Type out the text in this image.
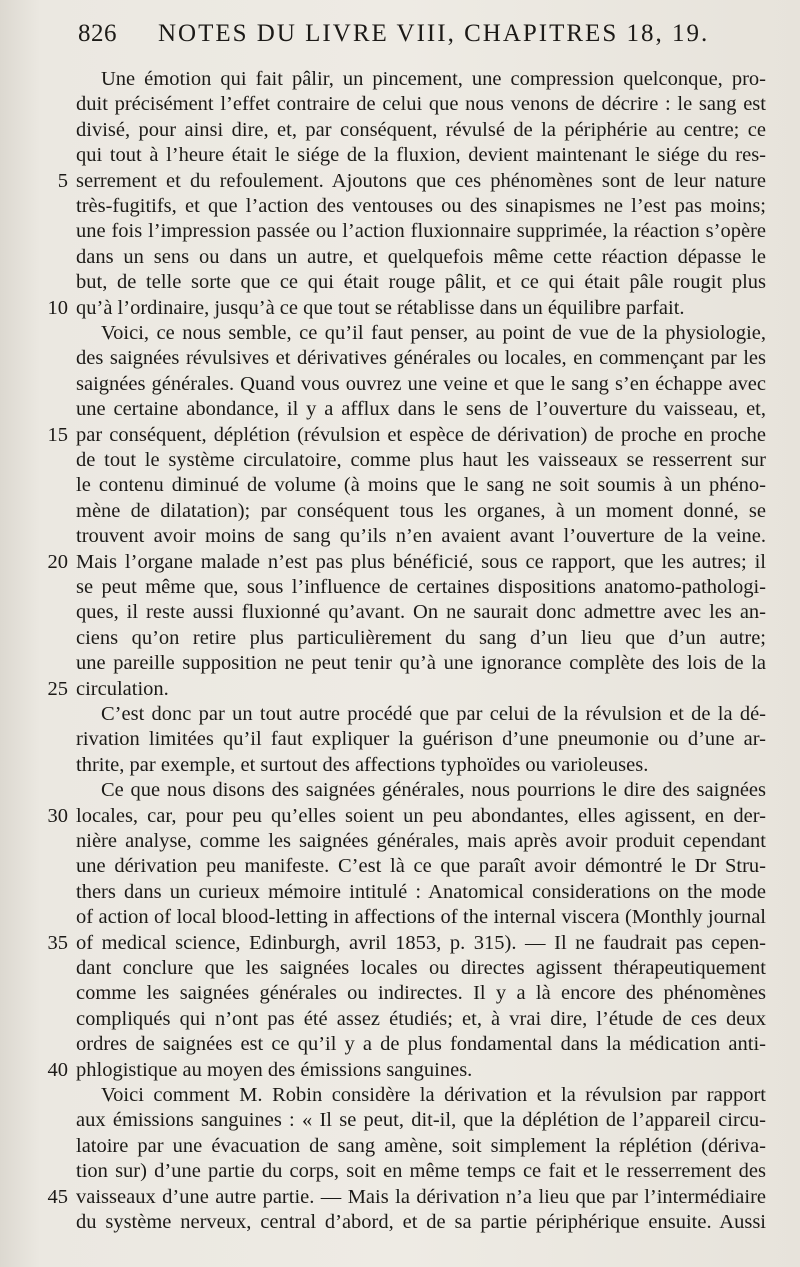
826 NOTES DU LIVRE VIII, CHAPITRES 18, 19.
Une émotion qui fait pâlir, un pincement, une compression quelconque, pro-
duit précisément l’effet contraire de celui que nous venons de décrire : le sang est
divisé, pour ainsi dire, et, par conséquent, révulsé de la périphérie au centre; ce
qui tout à l’heure était le siége de la fluxion, devient maintenant le siége du res-
serrement et du refoulement. Ajoutons que ces phénomènes sont de leur nature
5
très-fugitifs, et que l’action des ventouses ou des sinapismes ne l’est pas moins;
une fois l’impression passée ou l’action fluxionnaire supprimée, la réaction s’opère
dans un sens ou dans un autre, et quelquefois même cette réaction dépasse le
but, de telle sorte que ce qui était rouge pâlit, et ce qui était pâle rougit plus
qu’à l’ordinaire, jusqu’à ce que tout se rétablisse dans un équilibre parfait.
10
Voici, ce nous semble, ce qu’il faut penser, au point de vue de la physiologie,
des saignées révulsives et dérivatives générales ou locales, en commençant par les
saignées générales. Quand vous ouvrez une veine et que le sang s’en échappe avec
une certaine abondance, il y a afflux dans le sens de l’ouverture du vaisseau, et,
par conséquent, déplétion (révulsion et espèce de dérivation) de proche en proche
15
de tout le système circulatoire, comme plus haut les vaisseaux se resserrent sur
le contenu diminué de volume (à moins que le sang ne soit soumis à un phéno-
mène de dilatation); par conséquent tous les organes, à un moment donné, se
trouvent avoir moins de sang qu’ils n’en avaient avant l’ouverture de la veine.
Mais l’organe malade n’est pas plus bénéficié, sous ce rapport, que les autres; il
20
se peut même que, sous l’influence de certaines dispositions anatomo-pathologi-
ques, il reste aussi fluxionné qu’avant. On ne saurait donc admettre avec les an-
ciens qu’on retire plus particulièrement du sang d’un lieu que d’un autre;
une pareille supposition ne peut tenir qu’à une ignorance complète des lois de la
circulation.
25
C’est donc par un tout autre procédé que par celui de la révulsion et de la dé-
rivation limitées qu’il faut expliquer la guérison d’une pneumonie ou d’une ar-
thrite, par exemple, et surtout des affections typhoïdes ou varioleuses.
Ce que nous disons des saignées générales, nous pourrions le dire des saignées
locales, car, pour peu qu’elles soient un peu abondantes, elles agissent, en der-
30
nière analyse, comme les saignées générales, mais après avoir produit cependant
une dérivation peu manifeste. C’est là ce que paraît avoir démontré le Dr Stru-
thers dans un curieux mémoire intitulé : Anatomical considerations on the mode
of action of local blood-letting in affections of the internal viscera (Monthly journal
of medical science, Edinburgh, avril 1853, p. 315). — Il ne faudrait pas cepen-
35
dant conclure que les saignées locales ou directes agissent thérapeutiquement
comme les saignées générales ou indirectes. Il y a là encore des phénomènes
compliqués qui n’ont pas été assez étudiés; et, à vrai dire, l’étude de ces deux
ordres de saignées est ce qu’il y a de plus fondamental dans la médication anti-
phlogistique au moyen des émissions sanguines.
40
Voici comment M. Robin considère la dérivation et la révulsion par rapport
aux émissions sanguines : « Il se peut, dit-il, que la déplétion de l’appareil circu-
latoire par une évacuation de sang amène, soit simplement la réplétion (dériva-
tion sur) d’une partie du corps, soit en même temps ce fait et le resserrement des
vaisseaux d’une autre partie. — Mais la dérivation n’a lieu que par l’intermédiaire
45
du système nerveux, central d’abord, et de sa partie périphérique ensuite. Aussi
